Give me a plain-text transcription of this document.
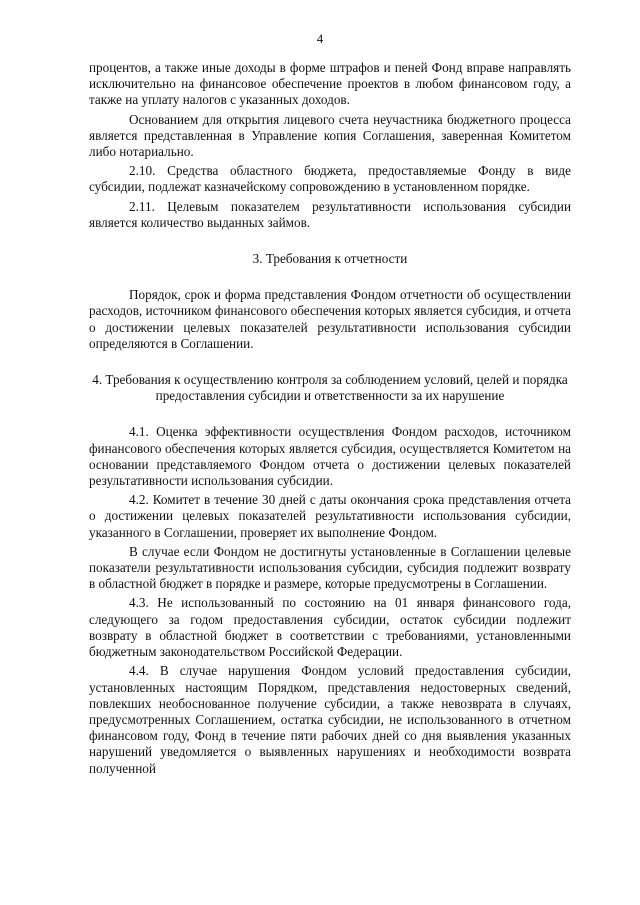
4

процентов, а также иные доходы в форме штрафов и пеней Фонд вправе направлять исключительно на финансовое обеспечение проектов в любом финансовом году, а также на уплату налогов с указанных доходов.

Основанием для открытия лицевого счета неучастника бюджетного процесса является представленная в Управление копия Соглашения, заверенная Комитетом либо нотариально.

2.10. Средства областного бюджета, предоставляемые Фонду в виде субсидии, подлежат казначейскому сопровождению в установленном порядке.

2.11. Целевым показателем результативности использования субсидии является количество выданных займов.

3. Требования к отчетности

Порядок, срок и форма представления Фондом отчетности об осуществлении расходов, источником финансового обеспечения которых является субсидия, и отчета о достижении целевых показателей результативности использования субсидии определяются в Соглашении.

4. Требования к осуществлению контроля за соблюдением условий, целей и порядка предоставления субсидии и ответственности за их нарушение

4.1. Оценка эффективности осуществления Фондом расходов, источником финансового обеспечения которых является субсидия, осуществляется Комитетом на основании представляемого Фондом отчета о достижении целевых показателей результативности использования субсидии.

4.2. Комитет в течение 30 дней с даты окончания срока представления отчета о достижении целевых показателей результативности использования субсидии, указанного в Соглашении, проверяет их выполнение Фондом.

В случае если Фондом не достигнуты установленные в Соглашении целевые показатели результативности использования субсидии, субсидия подлежит возврату в областной бюджет в порядке и размере, которые предусмотрены в Соглашении.

4.3. Не использованный по состоянию на 01 января финансового года, следующего за годом предоставления субсидии, остаток субсидии подлежит возврату в областной бюджет в соответствии с требованиями, установленными бюджетным законодательством Российской Федерации.

4.4. В случае нарушения Фондом условий предоставления субсидии, установленных настоящим Порядком, представления недостоверных сведений, повлекших необоснованное получение субсидии, а также невозврата в случаях, предусмотренных Соглашением, остатка субсидии, не использованного в отчетном финансовом году, Фонд в течение пяти рабочих дней со дня выявления указанных нарушений уведомляется о выявленных нарушениях и необходимости возврата полученной
